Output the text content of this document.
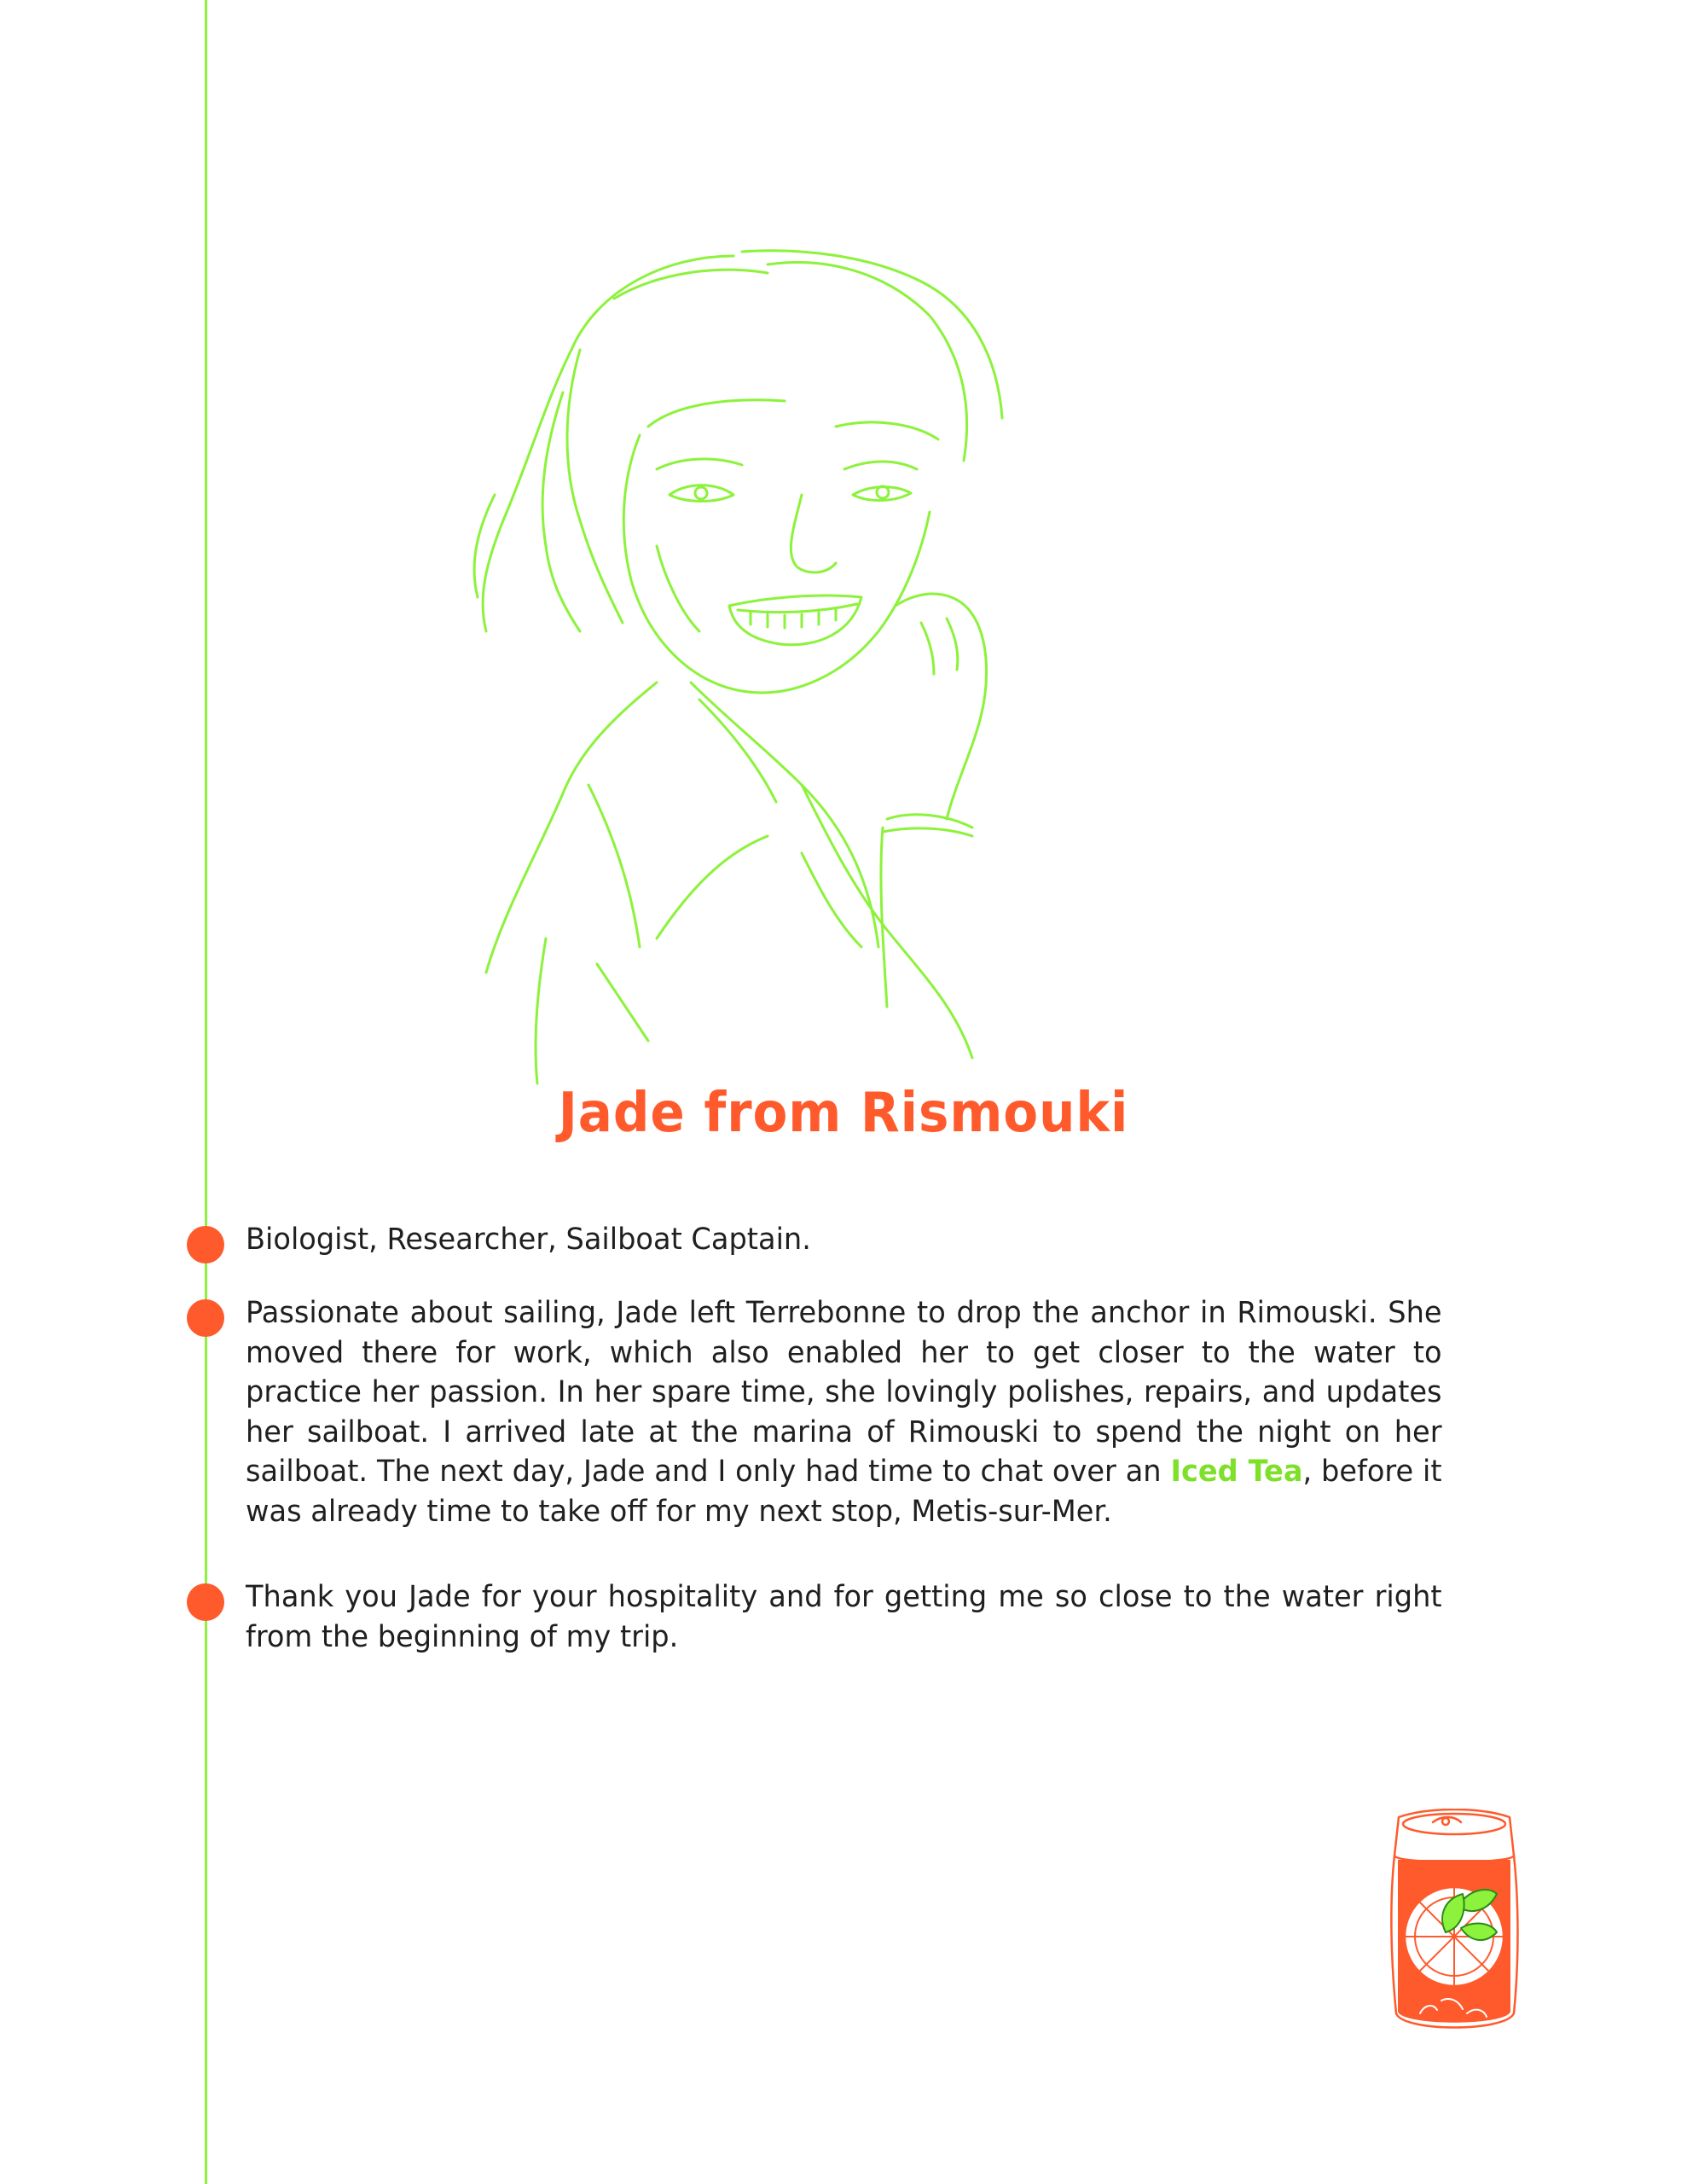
Jade from Rismouki
Biologist, Researcher, Sailboat Captain.
Passionate about sailing, Jade left Terrebonne to drop the anchor in Rimouski. She moved there for work, which also enabled her to get closer to the water to practice her passion. In her spare time, she lovingly polishes, repairs, and updates her sailboat. I arrived late at the marina of Rimouski to spend the night on her sailboat. The next day, Jade and I only had time to chat over an Iced Tea, before it was already time to take off for my next stop, Metis-sur-Mer.
Thank you Jade for your hospitality and for getting me so close to the water right from the beginning of my trip.
